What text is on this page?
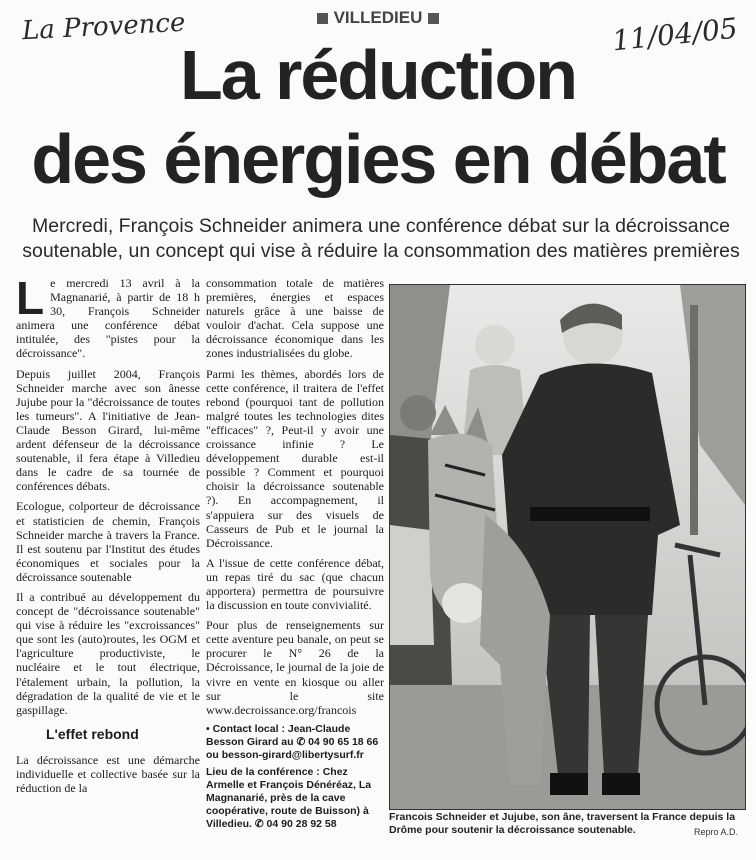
La Provence	11/04/05
VILLEDIEU
La réduction
des énergies en débat
Mercredi, François Schneider animera une conférence débat sur la décroissance soutenable, un concept qui vise à réduire la consommation des matières premières

Le mercredi 13 avril à la Magnanarié, à partir de 18 h 30, François Schneider animera une conférence débat intitulée, des "pistes pour la décroissance".

Depuis juillet 2004, François Schneider marche avec son ânesse Jujube pour la "décroissance de toutes les tumeurs". A l'initiative de Jean-Claude Besson Girard, lui-même ardent défenseur de la décroissance soutenable, il fera étape à Villedieu dans le cadre de sa tournée de conférences débats.

Ecologue, colporteur de décroissance et statisticien de chemin, François Schneider marche à travers la France. Il est soutenu par l'Institut des études économiques et sociales pour la décroissance soutenable

Il a contribué au développement du concept de "décroissance soutenable" qui vise à réduire les "excroissances" que sont les (auto)routes, les OGM et l'agriculture productiviste, le nucléaire et le tout électrique, l'étalement urbain, la pollution, la dégradation de la qualité de vie et le gaspillage.

L'effet rebond

La décroissance est une démarche individuelle et collective basée sur la réduction de la

consommation totale de matières premières, énergies et espaces naturels grâce à une baisse de vouloir d'achat. Cela suppose une décroissance économique dans les zones industrialisées du globe.

Parmi les thèmes, abordés lors de cette conférence, il traitera de l'effet rebond (pourquoi tant de pollution malgré toutes les technologies dites "efficaces" ?, Peut-il y avoir une croissance infinie ? Le développement durable est-il possible ? Comment et pourquoi choisir la décroissance soutenable ?). En accompagnement, il s'appuiera sur des visuels de Casseurs de Pub et le journal la Décroissance.

A l'issue de cette conférence débat, un repas tiré du sac (que chacun apportera) permettra de poursuivre la discussion en toute convivialité.

Pour plus de renseignements sur cette aventure peu banale, on peut se procurer le N° 26 de la Décroissance, le journal de la joie de vivre en vente en kiosque ou aller sur le site www.decroissance.org/francois

• Contact local : Jean-Claude Besson Girard au ✆ 04 90 65 18 66 ou besson-girard@libertysurf.fr
Lieu de la conférence : Chez Armelle et François Dénéréaz, La Magnanarié, près de la cave coopérative, route de Buisson) à Villedieu. ✆ 04 90 28 92 58
Francois Schneider et Jujube, son âne, traversent la France depuis la Drôme pour soutenir la décroissance soutenable.	Repro A.D.
